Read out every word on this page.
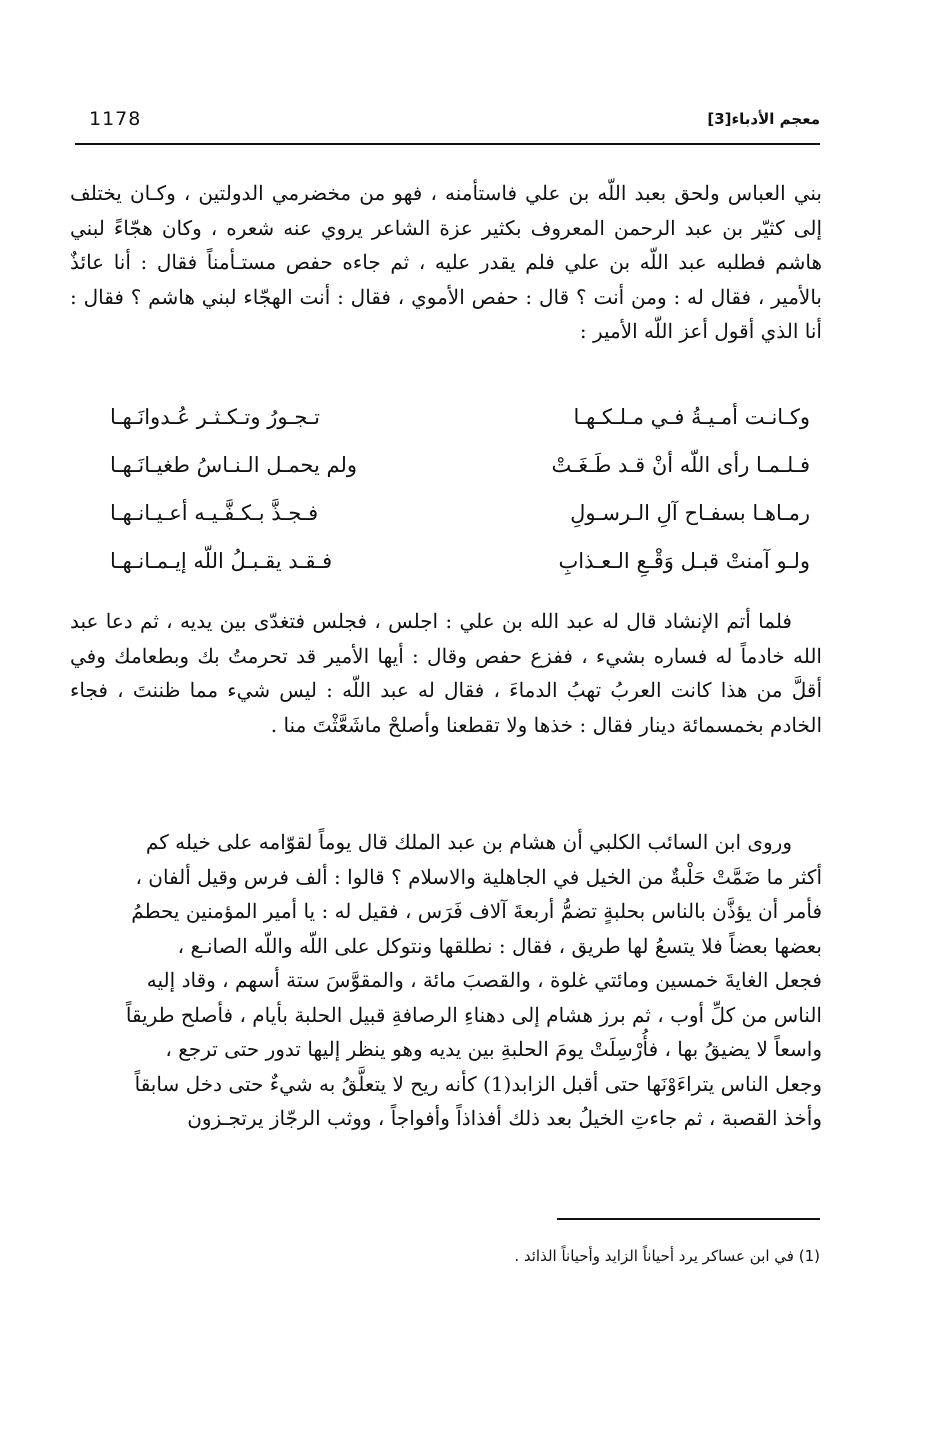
1178	معجم الأدباء[3]

بني العباس ولحق بعبد اللّه بن علي فاستأمنه ، فهو من مخضرمي الدولتين ، وكـان يختلف إلى كثيّر بن عبد الرحمن المعروف بكثير عزة الشاعر يروي عنه شعره ، وكان هجّاءً لبني هاشم فطلبه عبد اللّه بن علي فلم يقدر عليه ، ثم جاءه حفص مستـأمناً فقال : أنا عائذٌ بالأمير ، فقال له : ومن أنت ؟ قال : حفص الأموي ، فقال : أنت الهجّاء لبني هاشم ؟ فقال : أنا الذي أقول أعز اللّه الأمير :

وكـانـت أمـيـةُ فـي مـلـكـهـا
تـجـورُ وتـكـثـر عُـدوانَـهـا
فـلـمـا رأى اللّه أنْ قـد طَـغَـتْ
ولم يحمـل الـنـاسُ طغيـانَـهـا
رمـاهـا بسفـاح آلِ الـرسـولِ
فـجـذَّ بـكـفَّـيـه أعـيـانـهـا
ولـو آمنتْ قبـل وَقْـعِ الـعـذابِ
فـقـد يقـبـلُ اللّه إيـمـانـهـا

فلما أتم الإنشاد قال له عبد الله بن علي : اجلس ، فجلس فتغدّى بين يديه ، ثم دعا عبد الله خادماً له فساره بشيء ، ففزع حفص وقال : أيها الأمير قد تحرمتُ بك وبطعامك وفي أقلَّ من هذا كانت العربُ تهبُ الدماءَ ، فقال له عبد اللّه : ليس شيء مما ظننتَ ، فجاء الخادم بخمسمائة دينار فقال : خذها ولا تقطعنا وأصلحْ ماشَعَّثْتَ منا .

وروى ابن السائب الكلبي أن هشام بن عبد الملك قال يوماً لقوّامه على خيله كم

أكثر ما ضَمَّتْ حَلْبةٌ من الخيل في الجاهلية والاسلام ؟ قالوا : ألف فرس وقيل ألفان ،

فأمر أن يؤذَّن بالناس بحلبةٍ تضمُّ أربعةَ آلاف فَرَس ، فقيل له : يا أمير المؤمنين يحطمُ

بعضها بعضاً فلا يتسعُ لها طريق ، فقال : نطلقها ونتوكل على اللّه واللّه الصانـع ،

فجعل الغايةَ خمسين ومائتي غلوة ، والقصبَ مائة ، والمقوَّسَ ستة أسهم ، وقاد إليه

الناس من كلِّ أوب ، ثم برز هشام إلى دهناءِ الرصافةِ قبيل الحلبة بأيام ، فأصلح طريقاً

واسعاً لا يضيقُ بها ، فأُرْسِلَتْ يومَ الحلبةِ بين يديه وهو ينظر إليها تدور حتى ترجع ،

وجعل الناس يتراءَوْنَها حتى أقبل الزابد(1) كأنه ريح لا يتعلَّقُ به شيءٌ حتى دخل سابقاً

وأخذ القصبة ، ثم جاءتِ الخيلُ بعد ذلك أفذاذاً وأفواجاً ، ووثب الرجّاز يرتجـزون

(1) في ابن عساكر يرد أحياناً الزايد وأحياناً الذائد .
